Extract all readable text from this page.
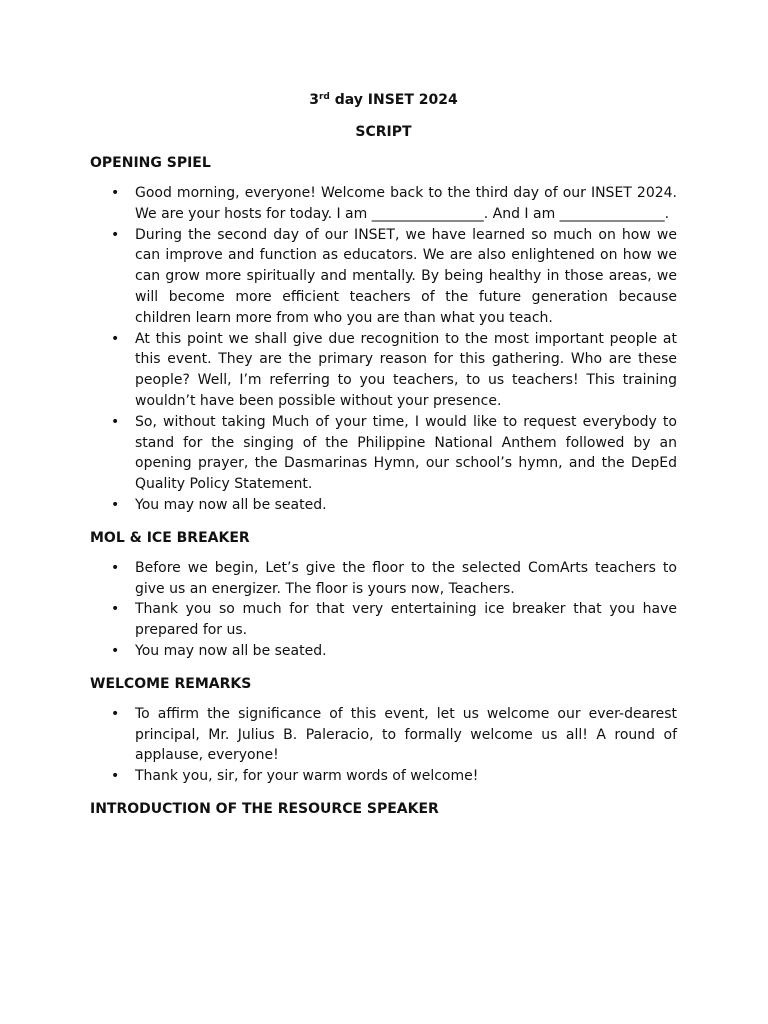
3rd day INSET 2024

SCRIPT

OPENING SPIEL

• Good morning, everyone! Welcome back to the third day of our INSET 2024. We are your hosts for today. I am ________________. And I am _______________.
• During the second day of our INSET, we have learned so much on how we can improve and function as educators. We are also enlightened on how we can grow more spiritually and mentally. By being healthy in those areas, we will become more efficient teachers of the future generation because children learn more from who you are than what you teach.
• At this point we shall give due recognition to the most important people at this event. They are the primary reason for this gathering. Who are these people? Well, I’m referring to you teachers, to us teachers! This training wouldn’t have been possible without your presence.
• So, without taking Much of your time, I would like to request everybody to stand for the singing of the Philippine National Anthem followed by an opening prayer, the Dasmarinas Hymn, our school’s hymn, and the DepEd Quality Policy Statement.
• You may now all be seated.

MOL & ICE BREAKER

• Before we begin, Let’s give the floor to the selected ComArts teachers to give us an energizer. The floor is yours now, Teachers.
• Thank you so much for that very entertaining ice breaker that you have prepared for us.
• You may now all be seated.

WELCOME REMARKS

• To affirm the significance of this event, let us welcome our ever-dearest principal, Mr. Julius B. Paleracio, to formally welcome us all! A round of applause, everyone!
• Thank you, sir, for your warm words of welcome!

INTRODUCTION OF THE RESOURCE SPEAKER
